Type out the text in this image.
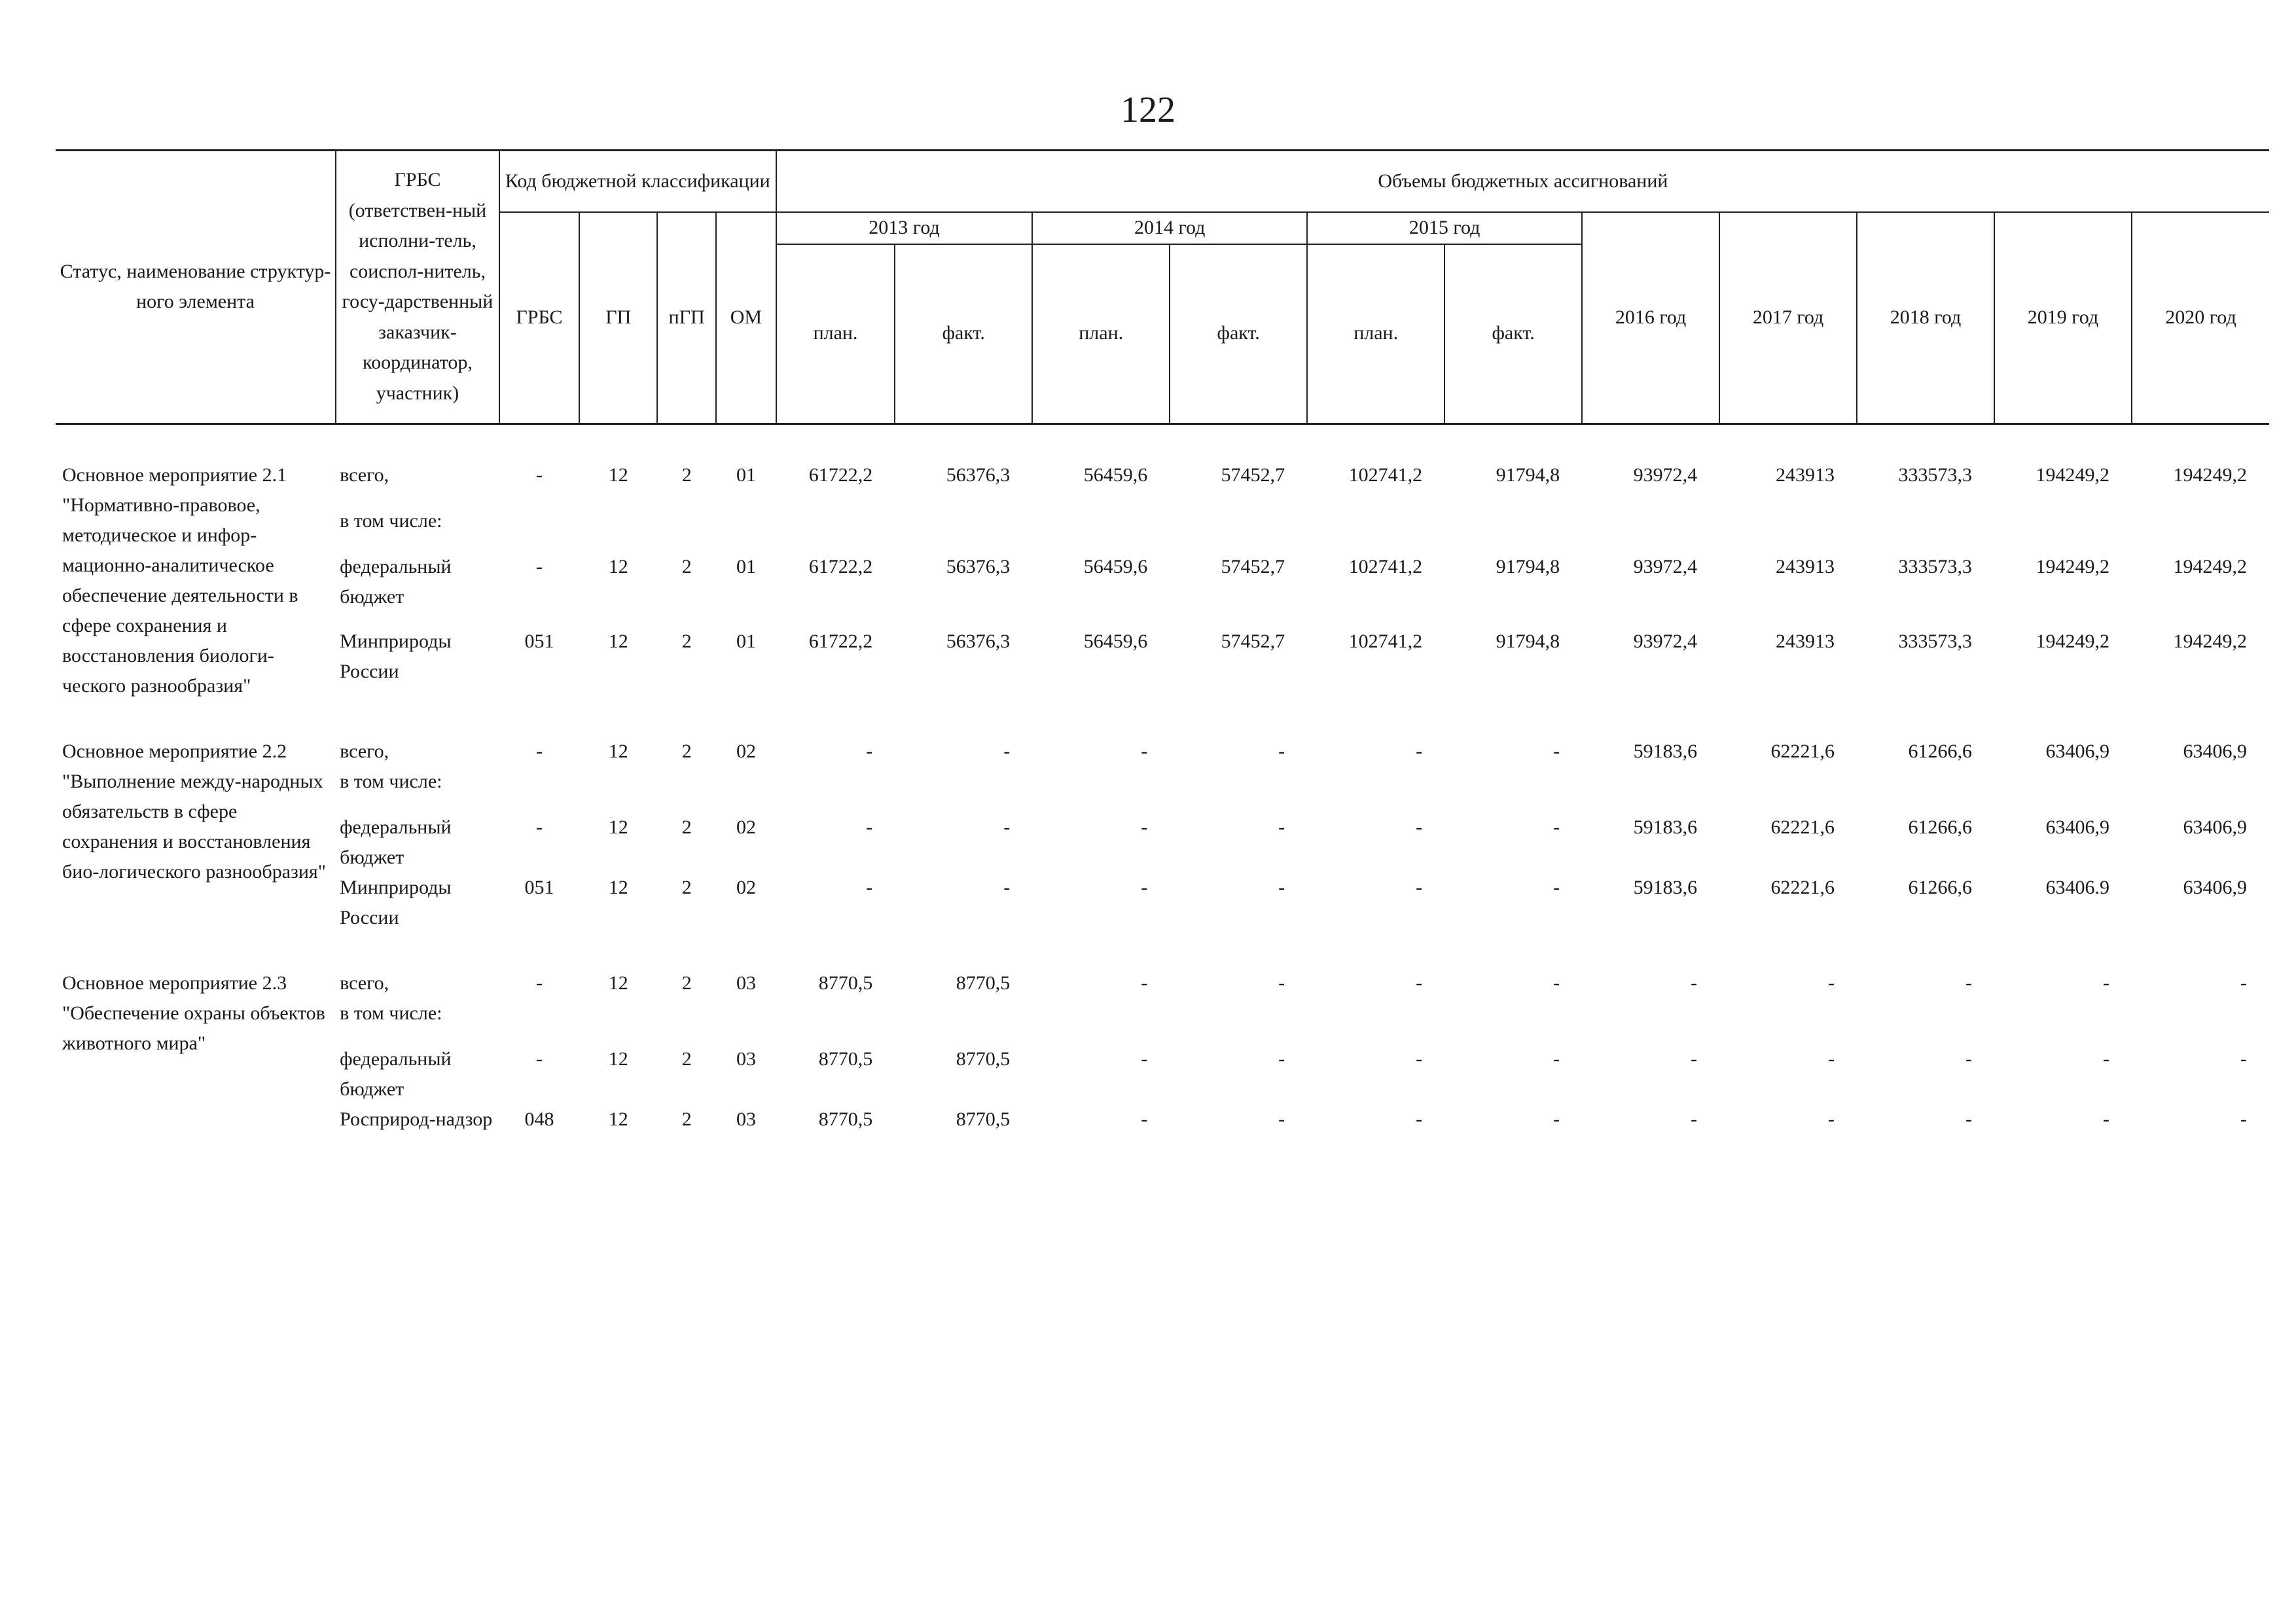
122
Статус, наименование структур-ного элемента	ГРБС (ответствен-ный исполни-тель, соиспол-нитель, госу-дарственный заказчик-координатор, участник)	Код бюджетной классификации				Объемы бюджетных ассигнований										
		ГРБС	ГП	пГП	ОМ	2013 год		2014 год		2015 год		2016 год	2017 год	2018 год	2019 год	2020 год
						план.	факт.	план.	факт.	план.	факт.					
Основное мероприятие 2.1 "Нормативно-правовое, методическое и инфор-мационно-аналитическое обеспечение деятельности в сфере сохранения и восстановления биологи-ческого разнообразия"	всего,	-	12	2	01	61722,2	56376,3	56459,6	57452,7	102741,2	91794,8	93972,4	243913	333573,3	194249,2	194249,2
	в том числе:															
	федеральный бюджет	-	12	2	01	61722,2	56376,3	56459,6	57452,7	102741,2	91794,8	93972,4	243913	333573,3	194249,2	194249,2
	Минприроды России	051	12	2	01	61722,2	56376,3	56459,6	57452,7	102741,2	91794,8	93972,4	243913	333573,3	194249,2	194249,2
Основное мероприятие 2.2 "Выполнение между-народных обязательств в сфере сохранения и восстановления био-логического разнообразия"	всего,	-	12	2	02	-	-	-	-	-	-	59183,6	62221,6	61266,6	63406,9	63406,9
	в том числе:															
	федеральный бюджет	-	12	2	02	-	-	-	-	-	-	59183,6	62221,6	61266,6	63406,9	63406,9
	Минприроды России	051	12	2	02	-	-	-	-	-	-	59183,6	62221,6	61266,6	63406.9	63406,9
Основное мероприятие 2.3 "Обеспечение охраны объектов животного мира"	всего,	-	12	2	03	8770,5	8770,5	-	-	-	-	-	-	-	-	-
	в том числе:															
	федеральный бюджет	-	12	2	03	8770,5	8770,5	-	-	-	-	-	-	-	-	-
	Росприрод-надзор	048	12	2	03	8770,5	8770,5	-	-	-	-	-	-	-	-	-
